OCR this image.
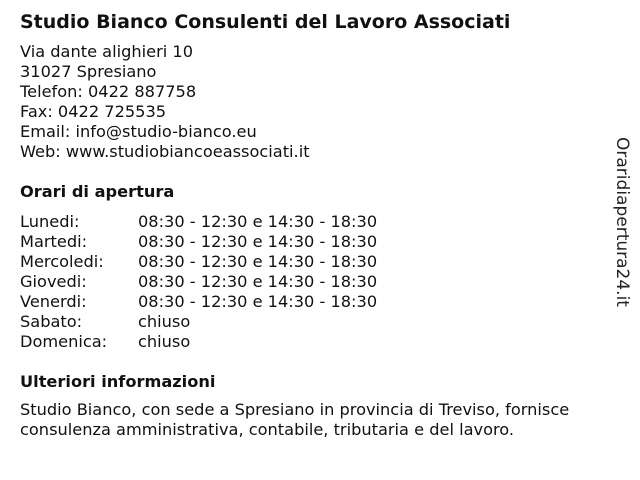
Studio Bianco Consulenti del Lavoro Associati
Via dante alighieri 10
31027 Spresiano
Telefon: 0422 887758
Fax: 0422 725535
Email: info@studio-bianco.eu
Web: www.studiobiancoeassociati.it
Orari di apertura
Lunedi:	08:30 - 12:30 e 14:30 - 18:30
Martedi:	08:30 - 12:30 e 14:30 - 18:30
Mercoledi:	08:30 - 12:30 e 14:30 - 18:30
Giovedi:	08:30 - 12:30 e 14:30 - 18:30
Venerdi:	08:30 - 12:30 e 14:30 - 18:30
Sabato:	chiuso
Domenica:	chiuso
Ulteriori informazioni
Studio Bianco, con sede a Spresiano in provincia di Treviso, fornisce consulenza amministrativa, contabile, tributaria e del lavoro.
Oraridiapertura24.it
